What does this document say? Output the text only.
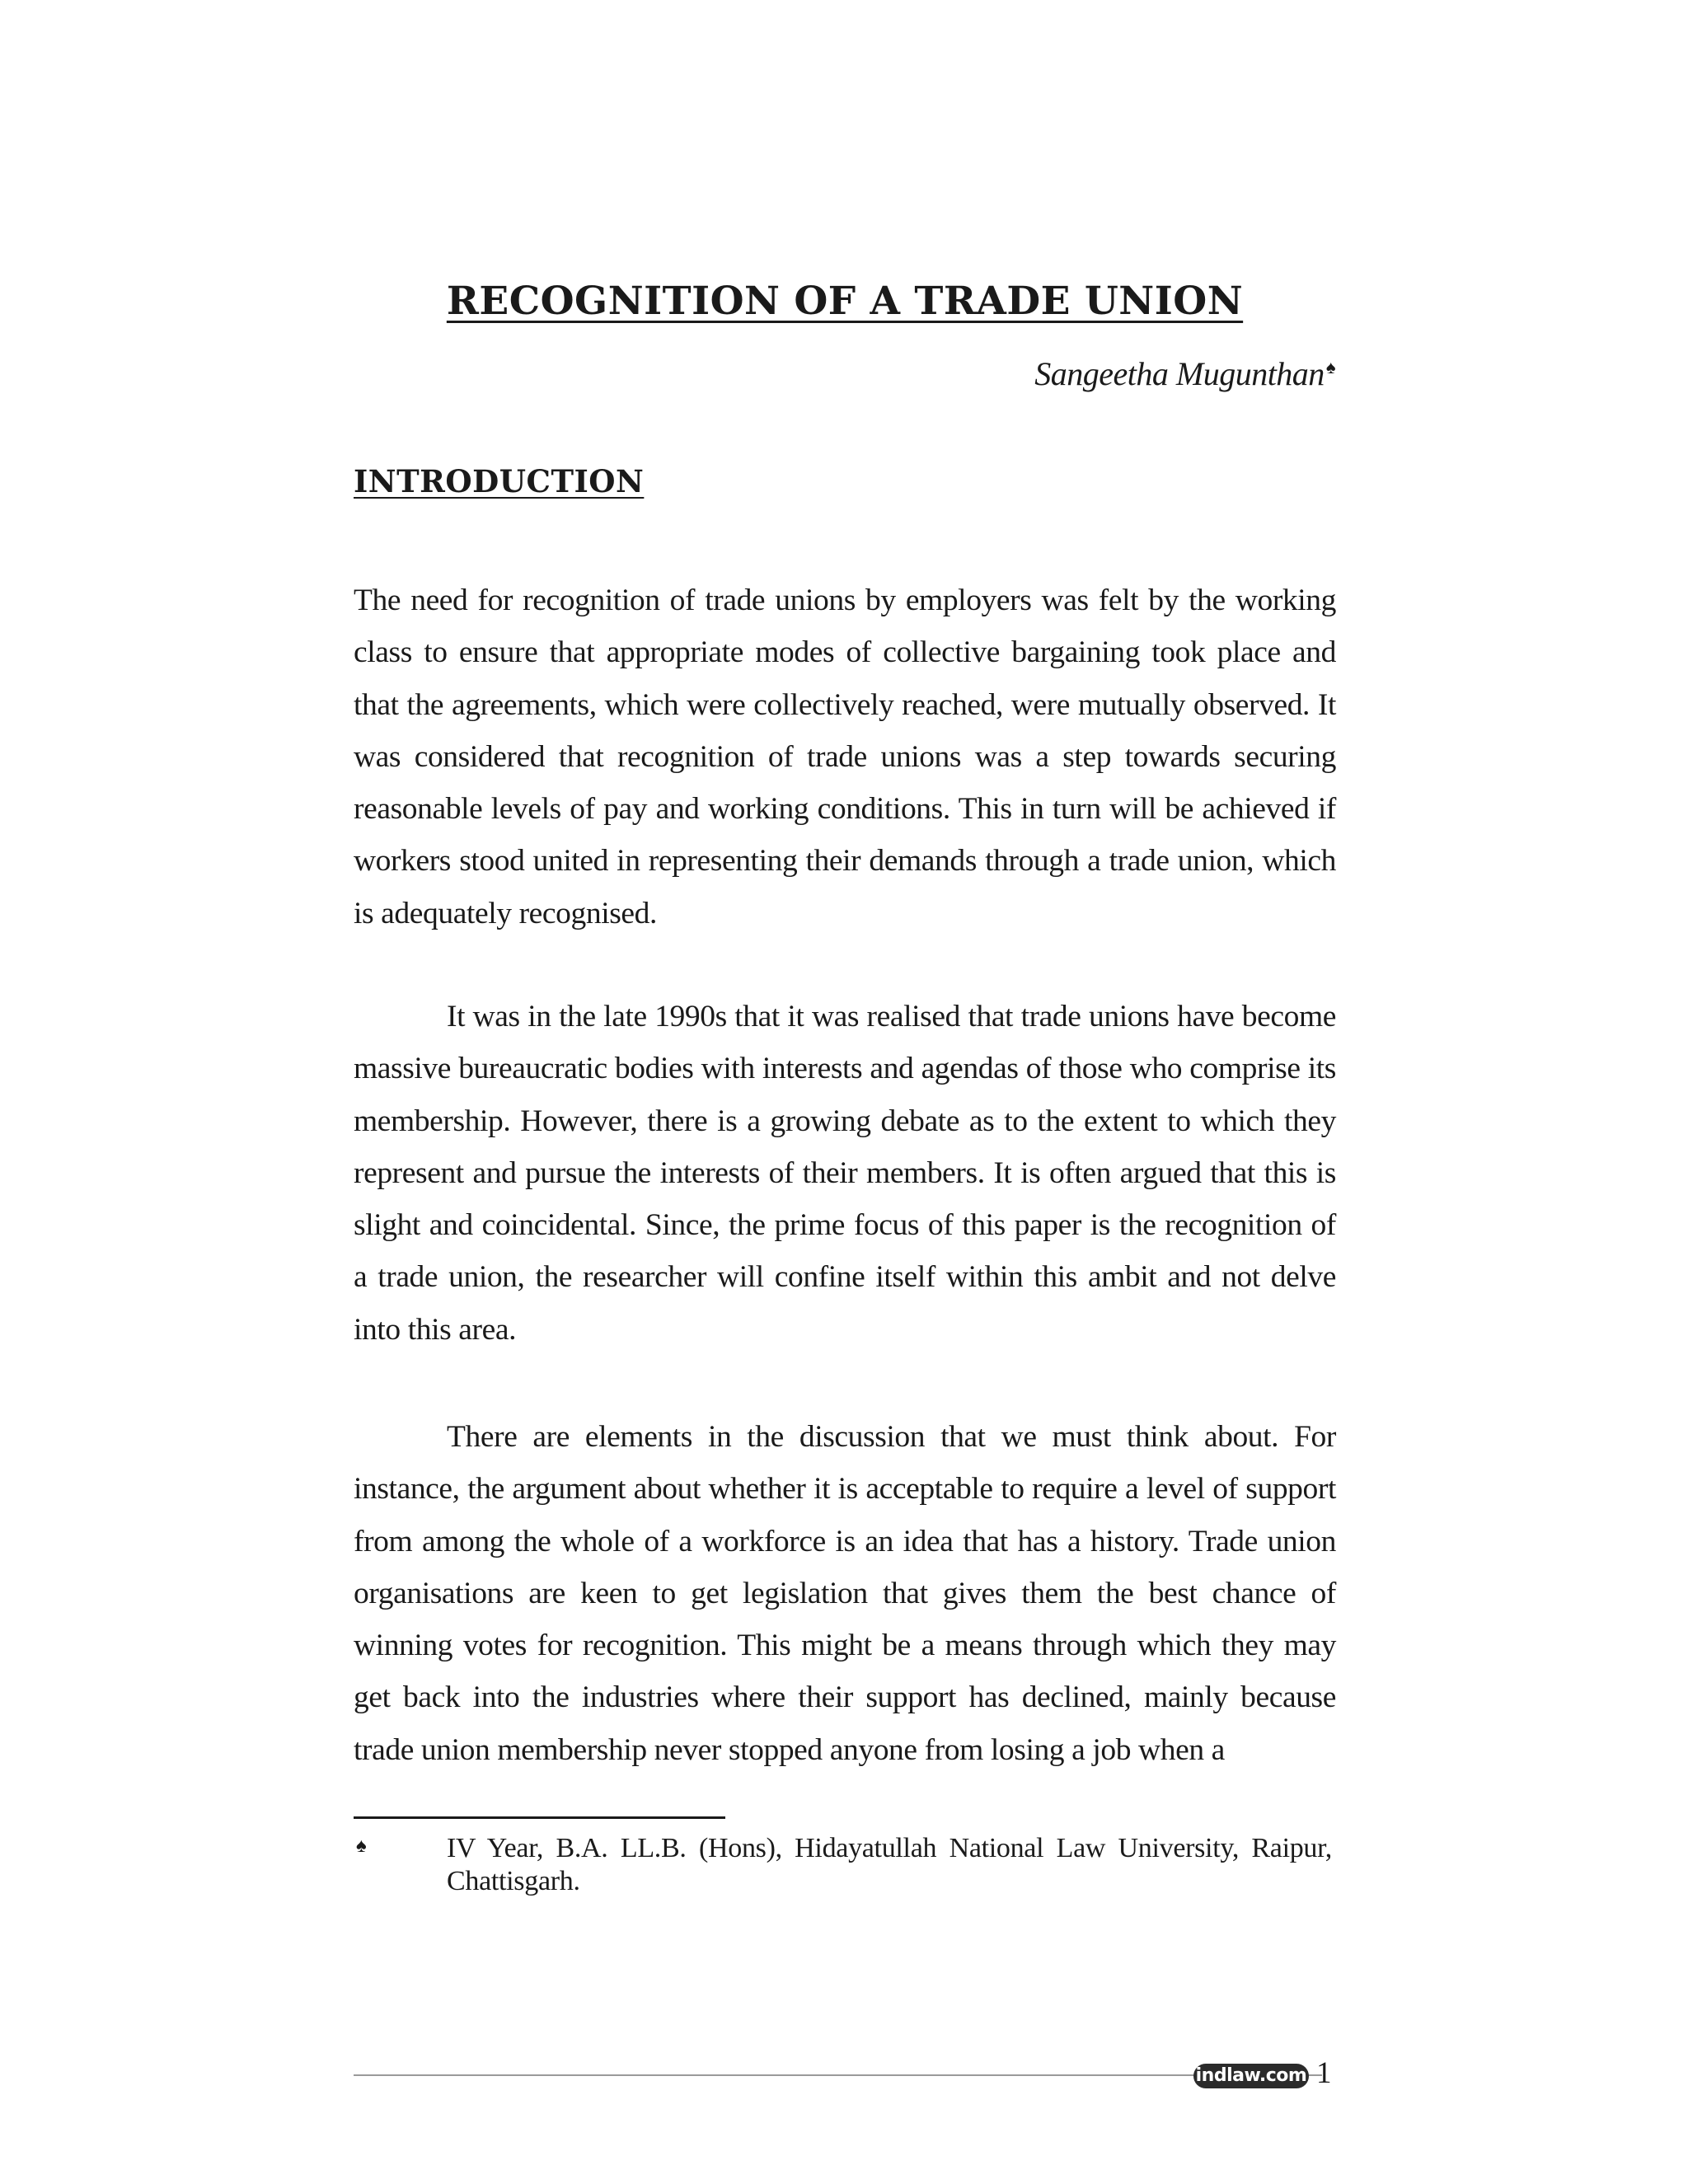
RECOGNITION OF A TRADE UNION
Sangeetha Mugunthan♠
INTRODUCTION

The need for recognition of trade unions by employers was felt by the working class to ensure that appropriate modes of collective bargaining took place and that the agreements, which were collectively reached, were mutually observed. It was considered that recognition of trade unions was a step towards securing reasonable levels of pay and working conditions. This in turn will be achieved if workers stood united in representing their demands through a trade union, which is adequately recognised.

It was in the late 1990s that it was realised that trade unions have become massive bureaucratic bodies with interests and agendas of those who comprise its membership. However, there is a growing debate as to the extent to which they represent and pursue the interests of their members. It is often argued that this is slight and coincidental. Since, the prime focus of this paper is the recognition of a trade union, the researcher will confine itself within this ambit and not delve into this area.

There are elements in the discussion that we must think about. For instance, the argument about whether it is acceptable to require a level of support from among the whole of a workforce is an idea that has a history. Trade union organisations are keen to get legislation that gives them the best chance of winning votes for recognition. This might be a means through which they may get back into the industries where their support has declined, mainly because trade union membership never stopped anyone from losing a job when a

♠	IV Year, B.A. LL.B. (Hons), Hidayatullah National Law University, Raipur, Chattisgarh.
indlaw.com 1
